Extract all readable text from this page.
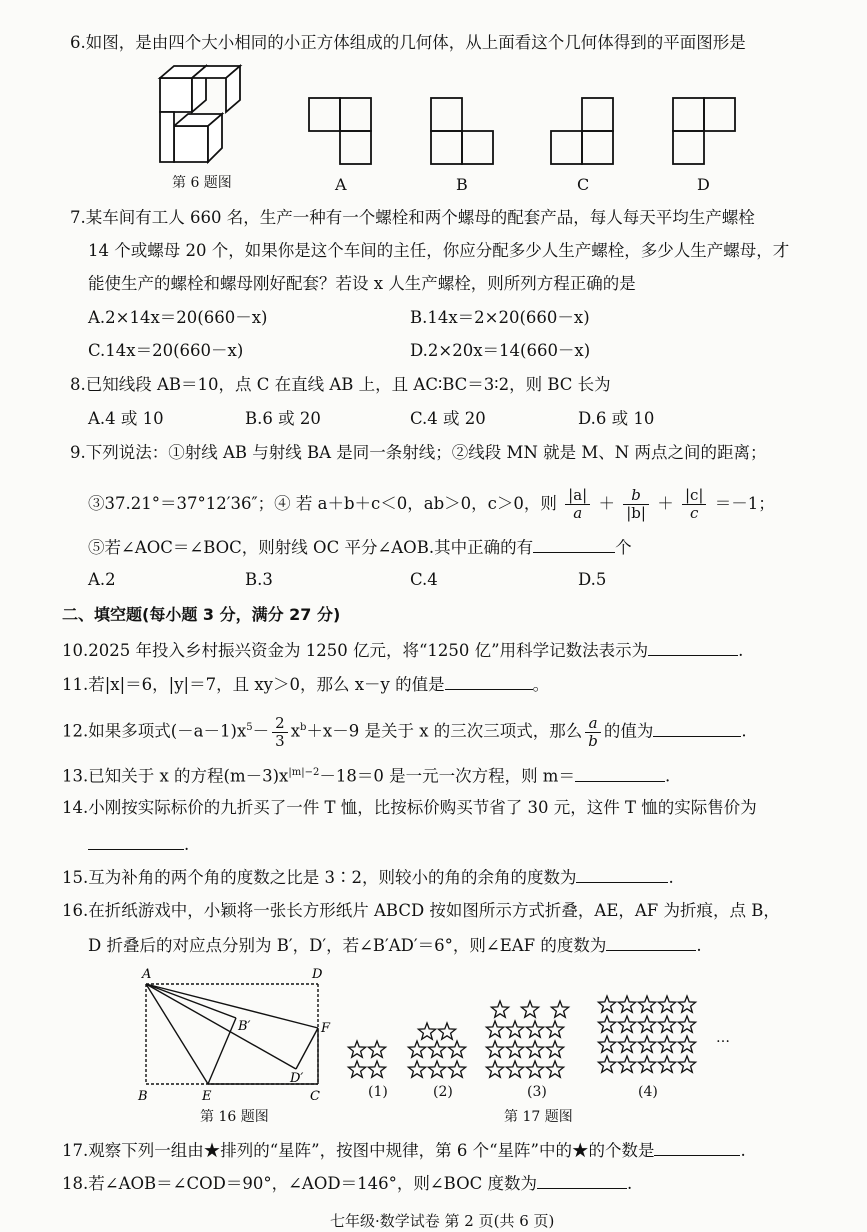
6.如图，是由四个大小相同的小正方体组成的几何体，从上面看这个几何体得到的平面图形是
第 6 题图	A	B	C	D
7.某车间有工人 660 名，生产一种有一个螺栓和两个螺母的配套产品，每人每天平均生产螺栓
14 个或螺母 20 个，如果你是这个车间的主任，你应分配多少人生产螺栓，多少人生产螺母，才
能使生产的螺栓和螺母刚好配套？若设 x 人生产螺栓，则所列方程正确的是
A.2×14x＝20(660－x)	B.14x＝2×20(660－x)
C.14x＝20(660－x)	D.2×20x＝14(660－x)
8.已知线段 AB＝10，点 C 在直线 AB 上，且 AC∶BC＝3∶2，则 BC 长为
A.4 或 10	B.6 或 20	C.4 或 20	D.6 或 10
9.下列说法：①射线 AB 与射线 BA 是同一条射线；②线段 MN 就是 M、N 两点之间的距离；
③37.21°＝37°12′36″；④ 若 a＋b＋c＜0，ab＞0，c＞0，则 $\frac{|a|}{a} + \frac{b}{|b|} + \frac{|c|}{c} =-1$；
⑤若∠AOC＝∠BOC，则射线 OC 平分∠AOB.其中正确的有	个
A.2	B.3	C.4	D.5
二、填空题(每小题 3 分，满分 27 分)
10.2025 年投入乡村振兴资金为 1250 亿元，将“1250 亿”用科学记数法表示为	.
11.若|x|＝6，|y|＝7，且 xy＞0，那么 x－y 的值是	。
12.如果多项式$(-a-1)x^5- \frac{2}{3} x^b+x-9$ 是关于 x 的三次三项式，那么 $\frac{a}{b}$ 的值为	.
13.已知关于 x 的方程$(m-3)x^{|m|-2}-18=0$ 是一元一次方程，则 m＝	.
14.小刚按实际标价的九折买了一件 T 恤，比按标价购买节省了 30 元，这件 T 恤的实际售价为
.
15.互为补角的两个角的度数之比是 3∶2，则较小的角的余角的度数为	.
16.在折纸游戏中，小颖将一张长方形纸片 ABCD 按如图所示方式折叠，AE，AF 为折痕，点 B，
D 折叠后的对应点分别为 B′，D′，若∠B′AD′＝6°，则∠EAF 的度数为	.
A	D
B	C
E
F
B′
D′
第 16 题图
(1)	(2)	(3)	(4)
…
第 17 题图
17.观察下列一组由★排列的“星阵”，按图中规律，第 6 个“星阵”中的★的个数是	.
18.若∠AOB＝∠COD＝90°，∠AOD＝146°，则∠BOC 度数为	.
七年级·数学试卷 第 2 页(共 6 页)
